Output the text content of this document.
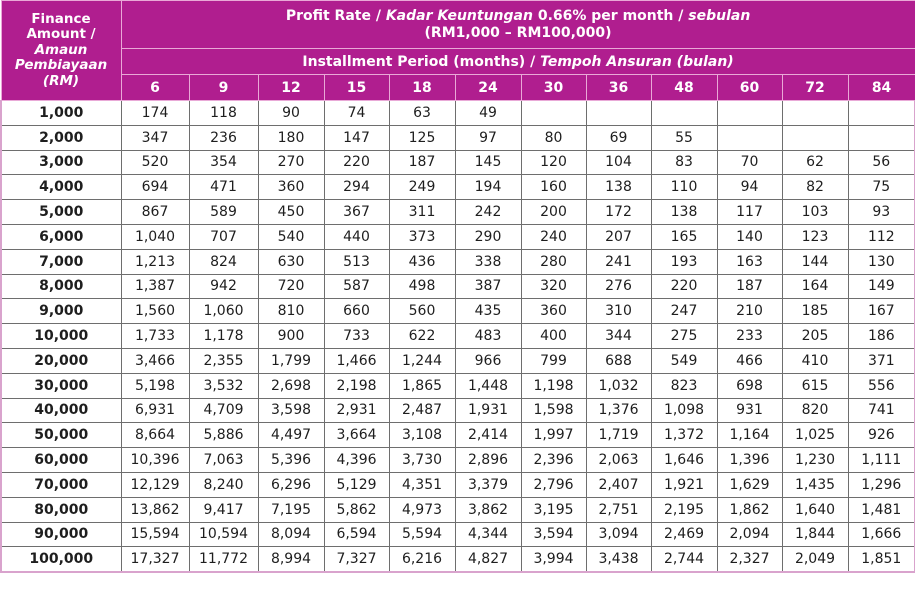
Finance
Amount /
Amaun
Pembiayaan
(RM)	Profit Rate / Kadar Keuntungan 0.66% per month / sebulan
(RM1,000 – RM100,000)											
	Installment Period (months) / Tempoh Ansuran (bulan)											
	6	9	12	15	18	24	30	36	48	60	72	84
1,000	174	118	90	74	63	49						
2,000	347	236	180	147	125	97	80	69	55			
3,000	520	354	270	220	187	145	120	104	83	70	62	56
4,000	694	471	360	294	249	194	160	138	110	94	82	75
5,000	867	589	450	367	311	242	200	172	138	117	103	93
6,000	1,040	707	540	440	373	290	240	207	165	140	123	112
7,000	1,213	824	630	513	436	338	280	241	193	163	144	130
8,000	1,387	942	720	587	498	387	320	276	220	187	164	149
9,000	1,560	1,060	810	660	560	435	360	310	247	210	185	167
10,000	1,733	1,178	900	733	622	483	400	344	275	233	205	186
20,000	3,466	2,355	1,799	1,466	1,244	966	799	688	549	466	410	371
30,000	5,198	3,532	2,698	2,198	1,865	1,448	1,198	1,032	823	698	615	556
40,000	6,931	4,709	3,598	2,931	2,487	1,931	1,598	1,376	1,098	931	820	741
50,000	8,664	5,886	4,497	3,664	3,108	2,414	1,997	1,719	1,372	1,164	1,025	926
60,000	10,396	7,063	5,396	4,396	3,730	2,896	2,396	2,063	1,646	1,396	1,230	1,111
70,000	12,129	8,240	6,296	5,129	4,351	3,379	2,796	2,407	1,921	1,629	1,435	1,296
80,000	13,862	9,417	7,195	5,862	4,973	3,862	3,195	2,751	2,195	1,862	1,640	1,481
90,000	15,594	10,594	8,094	6,594	5,594	4,344	3,594	3,094	2,469	2,094	1,844	1,666
100,000	17,327	11,772	8,994	7,327	6,216	4,827	3,994	3,438	2,744	2,327	2,049	1,851
